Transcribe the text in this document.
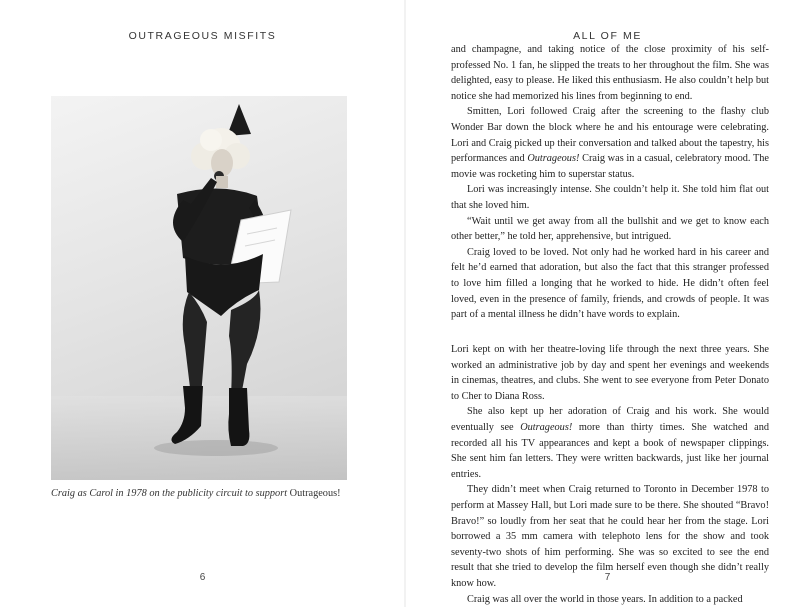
OUTRAGEOUS MISFITS
Craig as Carol in 1978 on the publicity circuit to support Outrageous!
6
ALL OF ME

and champagne, and taking notice of the close proximity of his self-professed No. 1 fan, he slipped the treats to her throughout the film. She was delighted, easy to please. He liked this enthusiasm. He also couldn’t help but notice she had memorized his lines from beginning to end.

Smitten, Lori followed Craig after the screening to the flashy club Wonder Bar down the block where he and his entourage were celebrating. Lori and Craig picked up their conversation and talked about the tapestry, his performances and Outrageous! Craig was in a casual, celebratory mood. The movie was rocketing him to superstar status.

Lori was increasingly intense. She couldn’t help it. She told him flat out that she loved him.

“Wait until we get away from all the bullshit and we get to know each other better,” he told her, apprehensive, but intrigued.

Craig loved to be loved. Not only had he worked hard in his career and felt he’d earned that adoration, but also the fact that this stranger professed to love him filled a longing that he worked to hide. He didn’t often feel loved, even in the presence of family, friends, and crowds of people. It was part of a mental illness he didn’t have words to explain.

Lori kept on with her theatre-loving life through the next three years. She worked an administrative job by day and spent her evenings and weekends in cinemas, theatres, and clubs. She went to see everyone from Peter Donato to Cher to Diana Ross.

She also kept up her adoration of Craig and his work. She would eventually see Outrageous! more than thirty times. She watched and recorded all his TV appearances and kept a book of newspaper clippings. She sent him fan letters. They were written backwards, just like her journal entries.

They didn’t meet when Craig returned to Toronto in December 1978 to perform at Massey Hall, but Lori made sure to be there. She shouted “Bravo! Bravo!” so loudly from her seat that he could hear her from the stage. Lori borrowed a 35 mm camera with telephoto lens for the show and took seventy-two shots of him performing. She was so excited to see the end result that she tried to develop the film herself even though she didn’t really know how.

Craig was all over the world in those years. In addition to a packed

7
